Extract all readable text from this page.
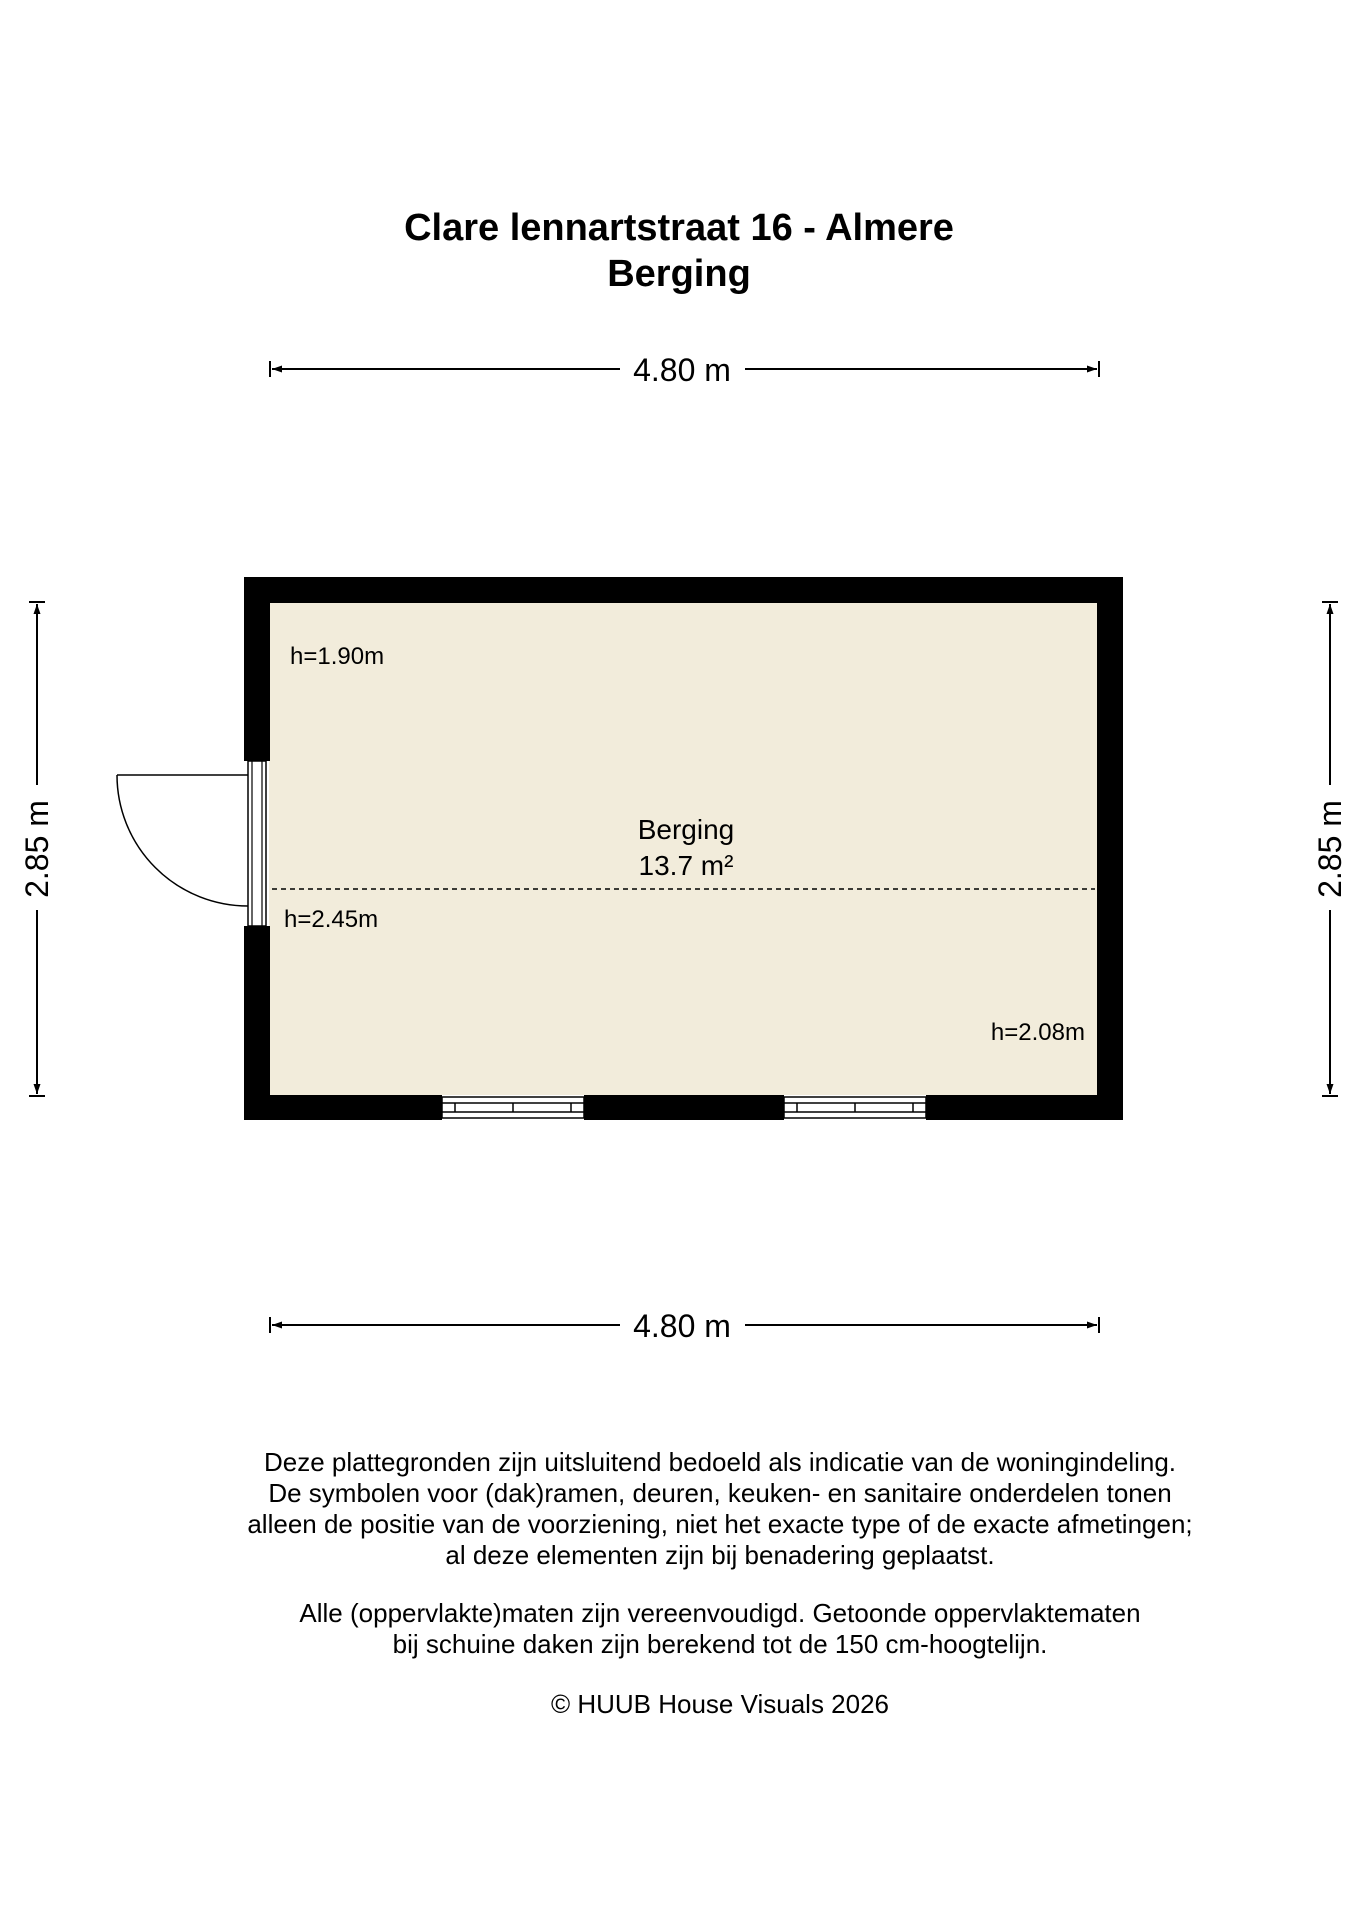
Clare lennartstraat 16 - Almere
Berging
4.80 m
4.80 m
2.85 m	2.85 m
Berging
13.7 m²
h=1.90m
h=2.45m
h=2.08m
Deze plattegronden zijn uitsluitend bedoeld als indicatie van de woningindeling.
De symbolen voor (dak)ramen, deuren, keuken- en sanitaire onderdelen tonen
alleen de positie van de voorziening, niet het exacte type of de exacte afmetingen;
al deze elementen zijn bij benadering geplaatst.
Alle (oppervlakte)maten zijn vereenvoudigd. Getoonde oppervlaktematen
bij schuine daken zijn berekend tot de 150 cm-hoogtelijn.
© HUUB House Visuals 2026
